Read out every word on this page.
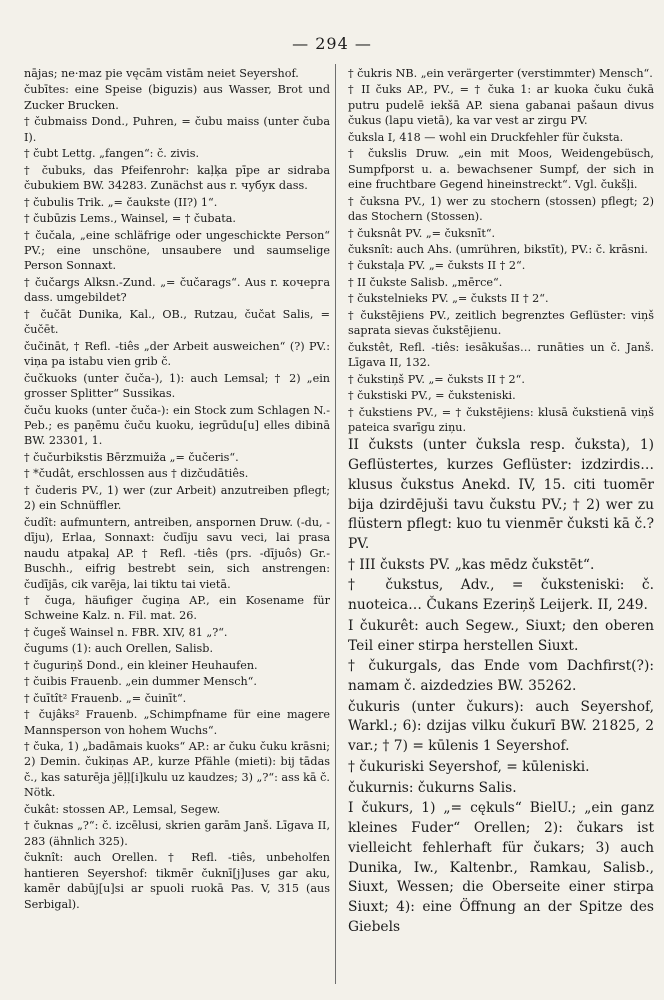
— 294 —

nājas; ne·maz pie vęcām vistām neiet Seyershof.

čubītes: eine Speise (biguzis) aus Wasser, Brot und Zucker Brucken.

† čubmaiss Dond., Puhren, = čubu maiss (unter čuba I).

† čubt Lettg. „fangen“: č. zivis.

† čubuks, das Pfeifenrohr: kaļķa pīpe ar sidraba čubukiem BW. 34283. Zunächst aus r. чубук dass.

† čubulis Trik. „= čaukste (II?) 1“.

† čubūzis Lems., Wainsel, = † čubata.

† čučala, „eine schläfrige oder ungeschickte Person“ PV.; eine unschöne, unsaubere und saumselige Person Sonnaxt.

† čučargs Alksn.-Zund. „= čučarags“. Aus r. кочерга dass. umgebildet?

† čučāt Dunika, Kal., OB., Rutzau, čučat Salis, = čučēt.

čučināt, † Refl. -tiês „der Arbeit ausweichen“ (?) PV.: viņa pa istabu vien grib č.

čučkuoks (unter čuča-), 1): auch Lemsal; † 2) „ein grosser Splitter“ Sussikas.

čuču kuoks (unter čuča-): ein Stock zum Schlagen N.-Peb.; es paņēmu čuču kuoku, iegrūdu[u] elles dibinā BW. 23301, 1.

† čučurbikstis Bērzmuiža „= čučeris“.

† *čudât, erschlossen aus † dizčudātiês.

† čuderis PV., 1) wer (zur Arbeit) anzutreiben pflegt; 2) ein Schnüffler.

čudît: aufmuntern, antreiben, anspornen Druw. (-du, -dīju), Erlaa, Sonnaxt: čudīju savu veci, lai prasa naudu atpakaļ AP. † Refl. -tiês (prs. -dījuôs) Gr.-Buschh., eifrig bestrebt sein, sich anstrengen: čudījās, cik varēja, lai tiktu tai vietā.

† čuga, häufiger čugiņa AP., ein Kosename für Schweine Kalz. n. Fil. mat. 26.

† čugeš Wainsel n. FBR. XIV, 81 „?“.

čugums (1): auch Orellen, Salisb.

† čuguriņš Dond., ein kleiner Heuhaufen.

† čuibis Frauenb. „ein dummer Mensch“.

† čuītît² Frauenb. „= čuinīt“.

† čujâks² Frauenb. „Schimpfname für eine magere Mannsperson von hohem Wuchs“.

† čuka, 1) „badāmais kuoks“ AP.: ar čuku čuku krāsni; 2) Demin. čukiņas AP., kurze Pfähle (mieti): bij tādas č., kas saturēja jēļļ[i]kulu uz kaudzes; 3) „?“: ass kā č. Nötk.

čukât: stossen AP., Lemsal, Segew.

† čuknas „?“: č. izcēlusi, skrien garām Janš. Līgava II, 283 (ähnlich 325).

čuknît: auch Orellen. † Refl. -tiês, unbeholfen hantieren Seyershof: tikmēr čuknī[j]uses gar aku, kamēr dabūj[u]si ar spuoli ruokā Pas. V, 315 (aus Serbigal).

† čukris NB. „ein verärgerter (verstimmter) Mensch“.

† II čuks AP., PV., = † čuka 1: ar kuoka čuku čukā putru pudelē iekšā AP. siena gabanai pašaun divus čukus (lapu vietā), ka var vest ar zirgu PV.

čuksla I, 418 — wohl ein Druckfehler für čuksta.

† čukslis Druw. „ein mit Moos, Weidengebüsch, Sumpfporst u. a. bewachsener Sumpf, der sich in eine fruchtbare Gegend hineinstreckt“. Vgl. čukšļi.

† čuksna PV., 1) wer zu stochern (stossen) pflegt; 2) das Stochern (Stossen).

† čuksnât PV. „= čuksnīt“.

čuksnît: auch Ahs. (umrühren, bikstīt), PV.: č. krāsni.

† čukstaļa PV. „= čuksts II † 2“.

† II čukste Salisb. „mērce“.

† čukstelnieks PV. „= čuksts II † 2“.

† čukstējiens PV., zeitlich begrenztes Geflüster: viņš saprata sievas čukstējienu.

čukstêt, Refl. -tiês: iesākušas… runāties un č. Janš. Līgava II, 132.

† čukstiņš PV. „= čuksts II † 2“.

† čukstiski PV., = čuksteniski.

† čukstiens PV., = † čukstējiens: klusā čukstienā viņš pateica svarīgu ziņu.

II čuksts (unter čuksla resp. čuksta), 1) Geflüstertes, kurzes Geflüster: izdzirdis… klusus čukstus Anekd. IV, 15. citi tuomēr bija dzirdējuši tavu čukstu PV.; † 2) wer zu flüstern pflegt: kuo tu vienmēr čuksti kā č.? PV.

† III čuksts PV. „kas mēdz čukstēt“.

† čukstus, Adv., = čuksteniski: č. nuoteica… Čukans Ezeriņš Leijerk. II, 249.

I čukurêt: auch Segew., Siuxt; den oberen Teil einer stirpa herstellen Siuxt.

† čukurgals, das Ende vom Dachfirst(?): namam č. aizdedzies BW. 35262.

čukuris (unter čukurs): auch Seyershof, Warkl.; 6): dzijas vilku čukurī BW. 21825, 2 var.; † 7) = kūlenis 1 Seyershof.

† čukuriski Seyershof, = kūleniski.

čukurnis: čukurns Salis.

I čukurs, 1) „= cękuls“ BielU.; „ein ganz kleines Fuder“ Orellen; 2): čukars ist vielleicht fehlerhaft für čukars; 3) auch Dunika, Iw., Kaltenbr., Ramkau, Salisb., Siuxt, Wessen; die Oberseite einer stirpa Siuxt; 4): eine Öffnung an der Spitze des Giebels
